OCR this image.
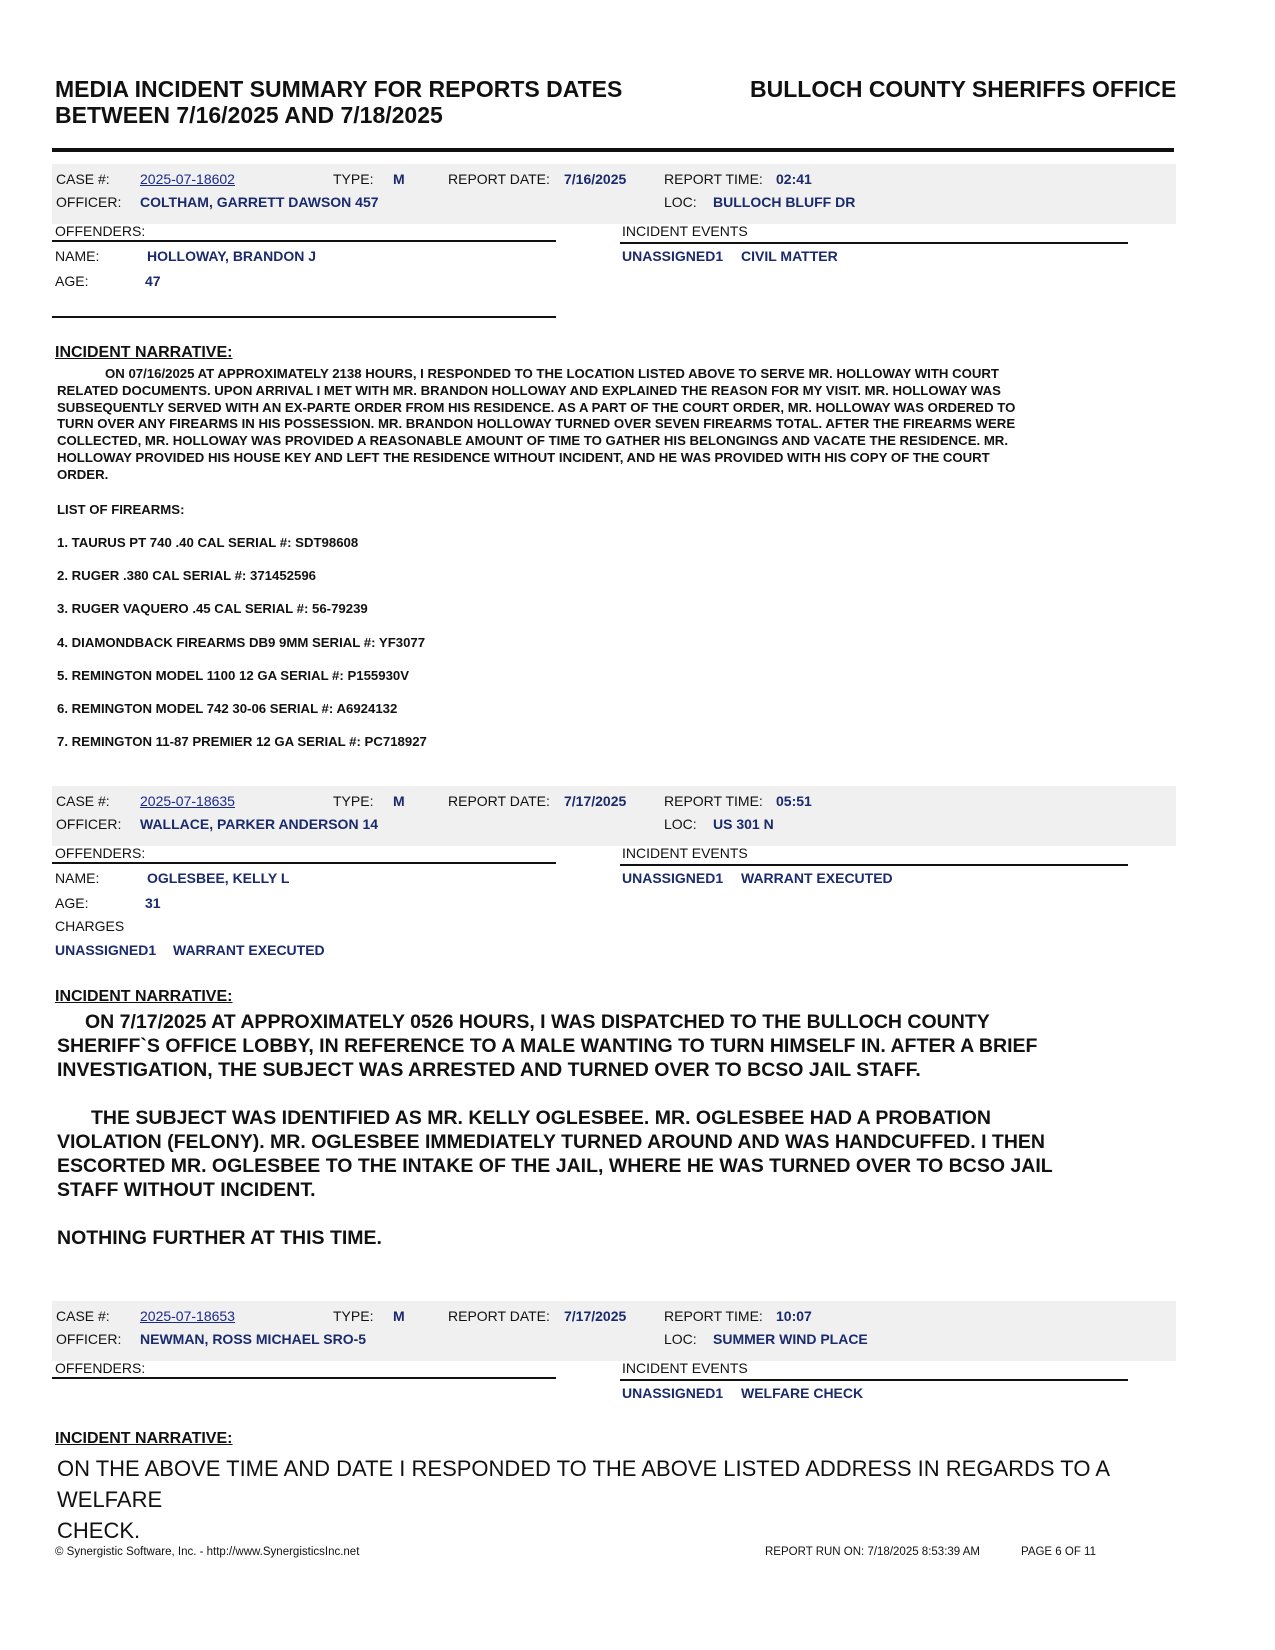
MEDIA INCIDENT SUMMARY FOR REPORTS DATES
BETWEEN 7/16/2025 AND 7/18/2025
BULLOCH COUNTY SHERIFFS OFFICE
CASE #: 2025-07-18602	TYPE: M	REPORT DATE: 7/16/2025	REPORT TIME: 02:41
OFFICER: COLTHAM, GARRETT DAWSON 457	LOC: BULLOCH BLUFF DR
OFFENDERS:	INCIDENT EVENTS
NAME:	HOLLOWAY, BRANDON J	UNASSIGNED1 CIVIL MATTER
AGE:	47
INCIDENT NARRATIVE:
ON 07/16/2025 AT APPROXIMATELY 2138 HOURS, I RESPONDED TO THE LOCATION LISTED ABOVE TO SERVE MR. HOLLOWAY WITH COURT
RELATED DOCUMENTS. UPON ARRIVAL I MET WITH MR. BRANDON HOLLOWAY AND EXPLAINED THE REASON FOR MY VISIT. MR. HOLLOWAY WAS
SUBSEQUENTLY SERVED WITH AN EX-PARTE ORDER FROM HIS RESIDENCE. AS A PART OF THE COURT ORDER, MR. HOLLOWAY WAS ORDERED TO
TURN OVER ANY FIREARMS IN HIS POSSESSION. MR. BRANDON HOLLOWAY TURNED OVER SEVEN FIREARMS TOTAL. AFTER THE FIREARMS WERE
COLLECTED, MR. HOLLOWAY WAS PROVIDED A REASONABLE AMOUNT OF TIME TO GATHER HIS BELONGINGS AND VACATE THE RESIDENCE. MR.
HOLLOWAY PROVIDED HIS HOUSE KEY AND LEFT THE RESIDENCE WITHOUT INCIDENT, AND HE WAS PROVIDED WITH HIS COPY OF THE COURT
ORDER.
LIST OF FIREARMS:
1. TAURUS PT 740 .40 CAL SERIAL #: SDT98608
2. RUGER .380 CAL SERIAL #: 371452596
3. RUGER VAQUERO .45 CAL SERIAL #: 56-79239
4. DIAMONDBACK FIREARMS DB9 9MM SERIAL #: YF3077
5. REMINGTON MODEL 1100 12 GA SERIAL #: P155930V
6. REMINGTON MODEL 742 30-06 SERIAL #: A6924132
7. REMINGTON 11-87 PREMIER 12 GA SERIAL #: PC718927
CASE #: 2025-07-18635	TYPE: M	REPORT DATE: 7/17/2025	REPORT TIME: 05:51
OFFICER: WALLACE, PARKER ANDERSON 14	LOC: US 301 N
OFFENDERS:	INCIDENT EVENTS
NAME:	OGLESBEE, KELLY L	UNASSIGNED1 WARRANT EXECUTED
AGE:	31
CHARGES
UNASSIGNED1 WARRANT EXECUTED
INCIDENT NARRATIVE:
ON 7/17/2025 AT APPROXIMATELY 0526 HOURS, I WAS DISPATCHED TO THE BULLOCH COUNTY
SHERIFF`S OFFICE LOBBY, IN REFERENCE TO A MALE WANTING TO TURN HIMSELF IN. AFTER A BRIEF
INVESTIGATION, THE SUBJECT WAS ARRESTED AND TURNED OVER TO BCSO JAIL STAFF.
THE SUBJECT WAS IDENTIFIED AS MR. KELLY OGLESBEE. MR. OGLESBEE HAD A PROBATION
VIOLATION (FELONY). MR. OGLESBEE IMMEDIATELY TURNED AROUND AND WAS HANDCUFFED. I THEN
ESCORTED MR. OGLESBEE TO THE INTAKE OF THE JAIL, WHERE HE WAS TURNED OVER TO BCSO JAIL
STAFF WITHOUT INCIDENT.
NOTHING FURTHER AT THIS TIME.
CASE #: 2025-07-18653	TYPE: M	REPORT DATE: 7/17/2025	REPORT TIME: 10:07
OFFICER: NEWMAN, ROSS MICHAEL SRO-5	LOC: SUMMER WIND PLACE
OFFENDERS:	INCIDENT EVENTS
UNASSIGNED1 WELFARE CHECK
INCIDENT NARRATIVE:
ON THE ABOVE TIME AND DATE I RESPONDED TO THE ABOVE LISTED ADDRESS IN REGARDS TO A WELFARE
CHECK.
© Synergistic Software, Inc. - http://www.SynergisticsInc.net	REPORT RUN ON: 7/18/2025 8:53:39 AM	PAGE 6 OF 11
